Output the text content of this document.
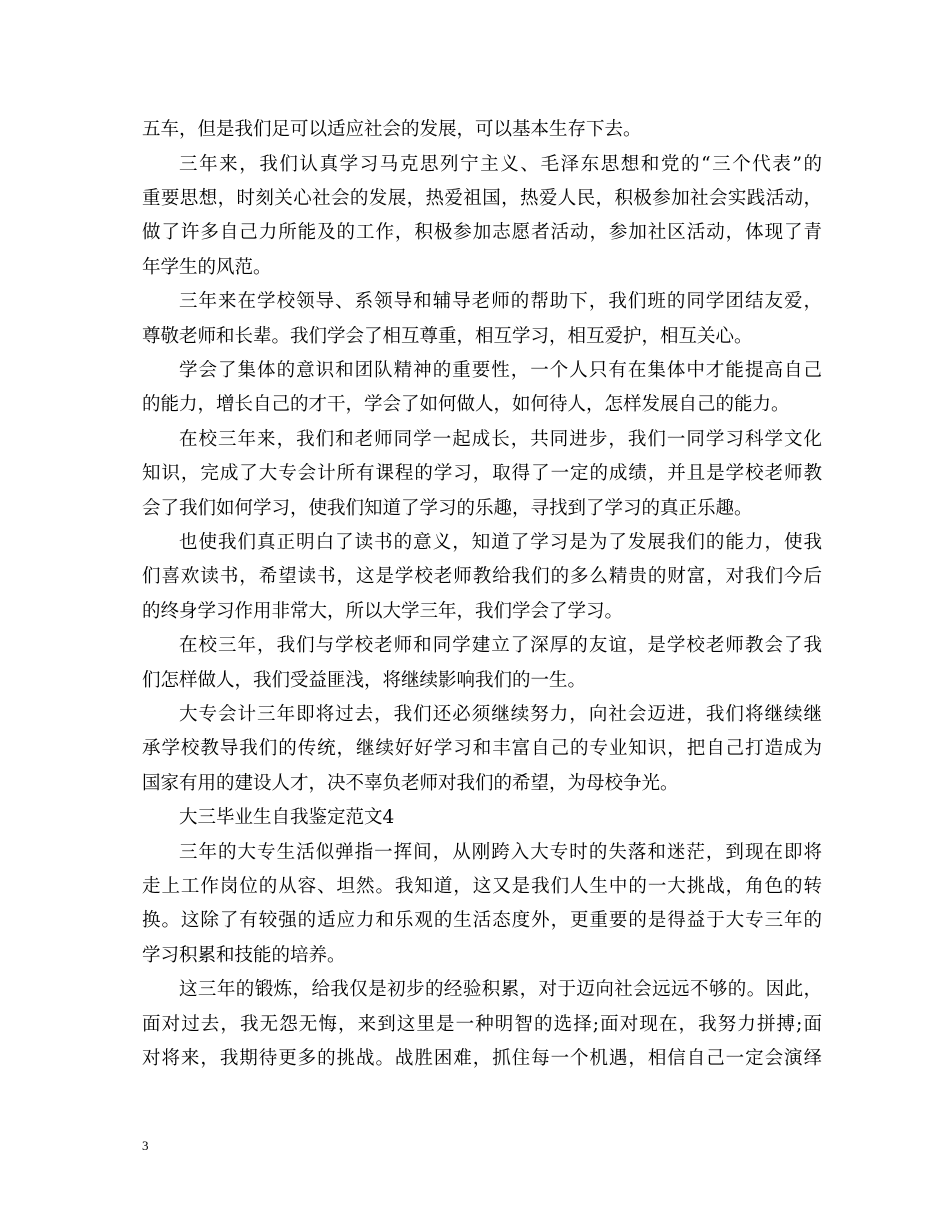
五车，但是我们足可以适应社会的发展，可以基本生存下去。
三年来，我们认真学习马克思列宁主义、毛泽东思想和党的“三个代表”的
重要思想，时刻关心社会的发展，热爱祖国，热爱人民，积极参加社会实践活动，
做了许多自己力所能及的工作，积极参加志愿者活动，参加社区活动，体现了青
年学生的风范。
三年来在学校领导、系领导和辅导老师的帮助下，我们班的同学团结友爱，
尊敬老师和长辈。我们学会了相互尊重，相互学习，相互爱护，相互关心。
学会了集体的意识和团队精神的重要性，一个人只有在集体中才能提高自己
的能力，增长自己的才干，学会了如何做人，如何待人，怎样发展自己的能力。
在校三年来，我们和老师同学一起成长，共同进步，我们一同学习科学文化
知识，完成了大专会计所有课程的学习，取得了一定的成绩，并且是学校老师教
会了我们如何学习，使我们知道了学习的乐趣，寻找到了学习的真正乐趣。
也使我们真正明白了读书的意义，知道了学习是为了发展我们的能力，使我
们喜欢读书，希望读书，这是学校老师教给我们的多么精贵的财富，对我们今后
的终身学习作用非常大，所以大学三年，我们学会了学习。
在校三年，我们与学校老师和同学建立了深厚的友谊，是学校老师教会了我
们怎样做人，我们受益匪浅，将继续影响我们的一生。
大专会计三年即将过去，我们还必须继续努力，向社会迈进，我们将继续继
承学校教导我们的传统，继续好好学习和丰富自己的专业知识，把自己打造成为
国家有用的建设人才，决不辜负老师对我们的希望，为母校争光。
大三毕业生自我鉴定范文4
三年的大专生活似弹指一挥间，从刚跨入大专时的失落和迷茫，到现在即将
走上工作岗位的从容、坦然。我知道，这又是我们人生中的一大挑战，角色的转
换。这除了有较强的适应力和乐观的生活态度外，更重要的是得益于大专三年的
学习积累和技能的培养。
这三年的锻炼，给我仅是初步的经验积累，对于迈向社会远远不够的。因此，
面对过去，我无怨无悔，来到这里是一种明智的选择;面对现在，我努力拼搏;面
对将来，我期待更多的挑战。战胜困难，抓住每一个机遇，相信自己一定会演绎
3
